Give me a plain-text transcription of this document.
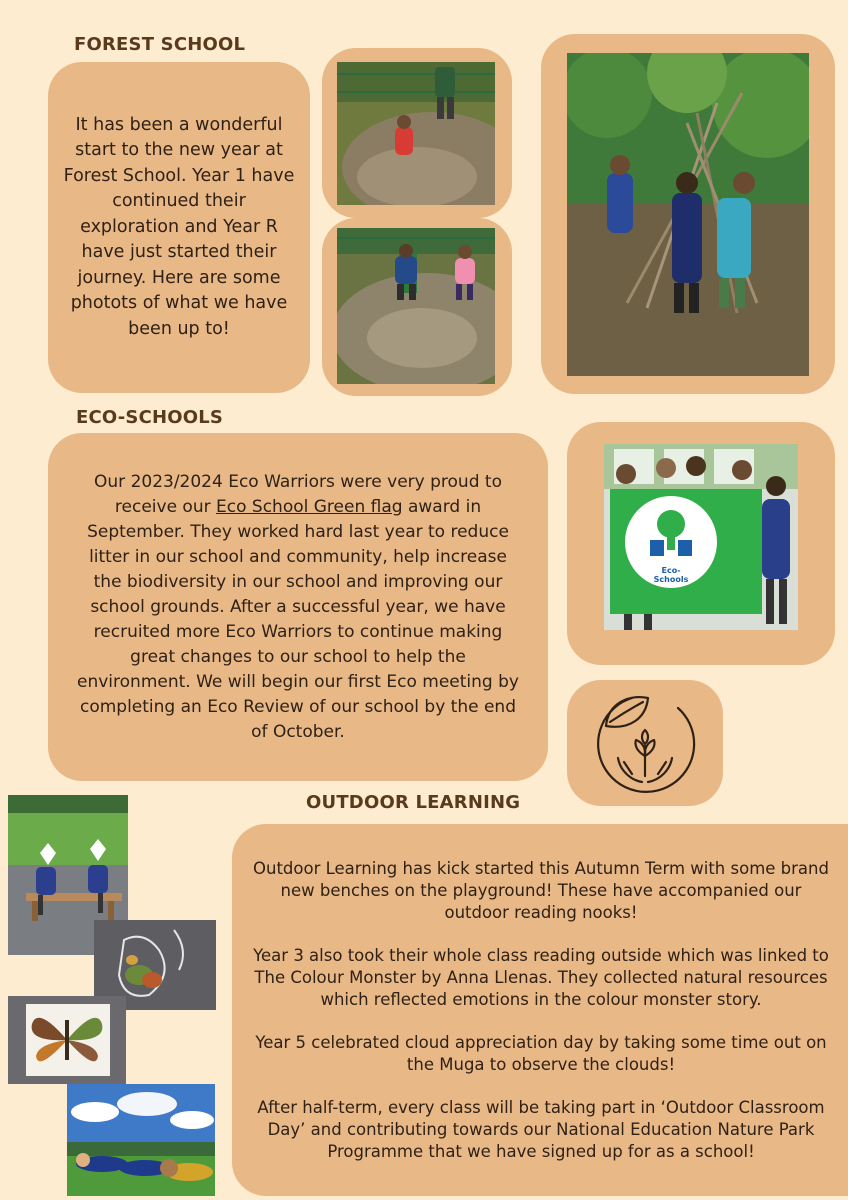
FOREST SCHOOL
It has been a wonderful start to the new year at Forest School. Year 1 have continued their exploration and Year R have just started their journey. Here are some photots of what we have been up to!
ECO-SCHOOLS
Our 2023/2024 Eco Warriors were very proud to receive our Eco School Green flag award in September. They worked hard last year to reduce litter in our school and community, help increase the biodiversity in our school and improving our school grounds. After a successful year, we have recruited more Eco Warriors to continue making great changes to our school to help the environment. We will begin our first Eco meeting by completing an Eco Review of our school by the end of October.
Eco-Schools
OUTDOOR LEARNING
Outdoor Learning has kick started this Autumn Term with some brand new benches on the playground! These have accompanied our outdoor reading nooks!
Year 3 also took their whole class reading outside which was linked to The Colour Monster by Anna Llenas. They collected natural resources which reflected emotions in the colour monster story.
Year 5 celebrated cloud appreciation day by taking some time out on the Muga to observe the clouds!
After half-term, every class will be taking part in ‘Outdoor Classroom Day’ and contributing towards our National Education Nature Park Programme that we have signed up for as a school!
